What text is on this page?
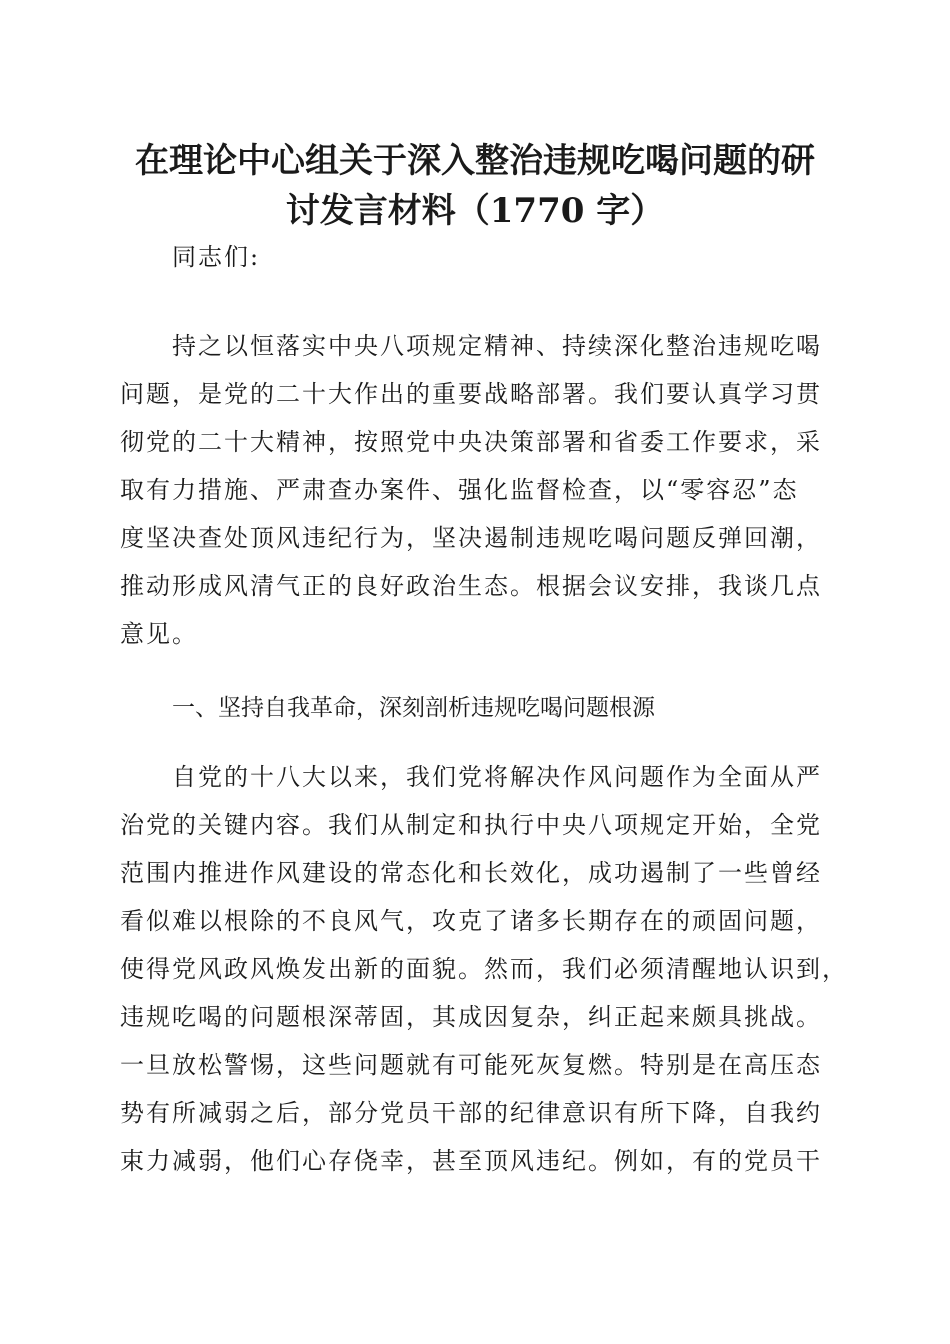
在理论中心组关于深入整治违规吃喝问题的研
讨发言材料（1770 字）

同志们:

持之以恒落实中央八项规定精神、持续深化整治违规吃喝
问题，是党的二十大作出的重要战略部署。我们要认真学习贯
彻党的二十大精神，按照党中央决策部署和省委工作要求，采
取有力措施、严肃查办案件、强化监督检查，以“零容忍”态
度坚决查处顶风违纪行为，坚决遏制违规吃喝问题反弹回潮，
推动形成风清气正的良好政治生态。根据会议安排，我谈几点
意见。

一、坚持自我革命，深刻剖析违规吃喝问题根源

自党的十八大以来，我们党将解决作风问题作为全面从严
治党的关键内容。我们从制定和执行中央八项规定开始，全党
范围内推进作风建设的常态化和长效化，成功遏制了一些曾经
看似难以根除的不良风气，攻克了诸多长期存在的顽固问题，
使得党风政风焕发出新的面貌。然而，我们必须清醒地认识到，
违规吃喝的问题根深蒂固，其成因复杂，纠正起来颇具挑战。
一旦放松警惕，这些问题就有可能死灰复燃。特别是在高压态
势有所减弱之后，部分党员干部的纪律意识有所下降，自我约
束力减弱，他们心存侥幸，甚至顶风违纪。例如，有的党员干
